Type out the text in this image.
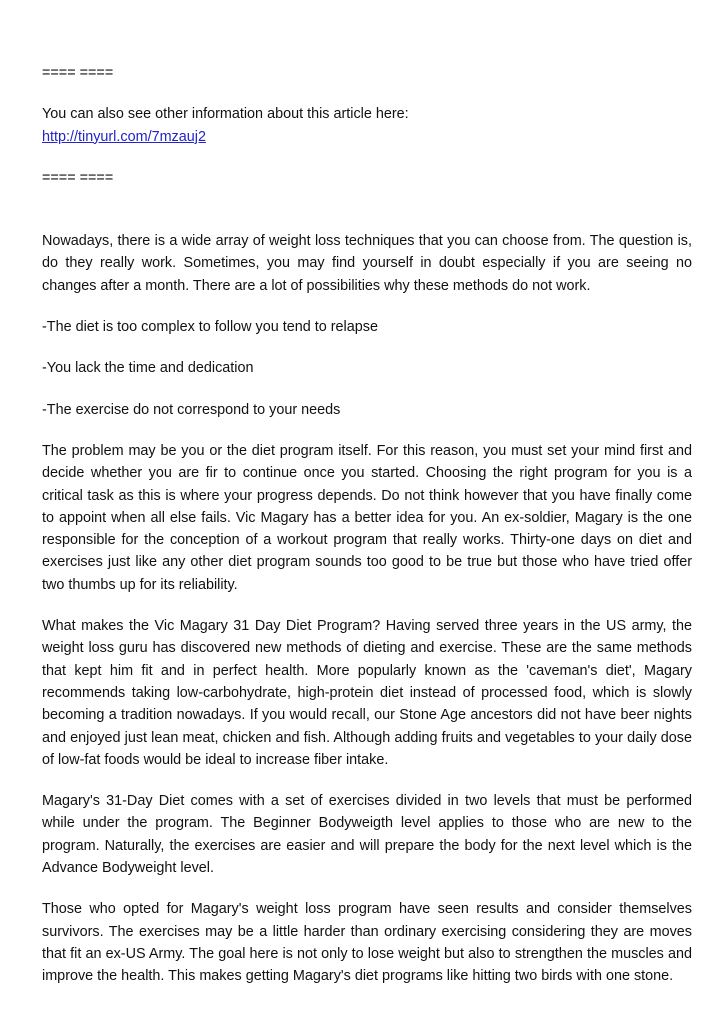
==== ====

You can also see other information about this article here:

http://tinyurl.com/7mzauj2

==== ====

Nowadays, there is a wide array of weight loss techniques that you can choose from. The question is, do they really work. Sometimes, you may find yourself in doubt especially if you are seeing no changes after a month. There are a lot of possibilities why these methods do not work.

-The diet is too complex to follow you tend to relapse

-You lack the time and dedication

-The exercise do not correspond to your needs

The problem may be you or the diet program itself. For this reason, you must set your mind first and decide whether you are fir to continue once you started. Choosing the right program for you is a critical task as this is where your progress depends. Do not think however that you have finally come to appoint when all else fails. Vic Magary has a better idea for you. An ex-soldier, Magary is the one responsible for the conception of a workout program that really works. Thirty-one days on diet and exercises just like any other diet program sounds too good to be true but those who have tried offer two thumbs up for its reliability.

What makes the Vic Magary 31 Day Diet Program? Having served three years in the US army, the weight loss guru has discovered new methods of dieting and exercise. These are the same methods that kept him fit and in perfect health. More popularly known as the 'caveman's diet', Magary recommends taking low-carbohydrate, high-protein diet instead of processed food, which is slowly becoming a tradition nowadays. If you would recall, our Stone Age ancestors did not have beer nights and enjoyed just lean meat, chicken and fish. Although adding fruits and vegetables to your daily dose of low-fat foods would be ideal to increase fiber intake.

Magary's 31-Day Diet comes with a set of exercises divided in two levels that must be performed while under the program. The Beginner Bodyweigth level applies to those who are new to the program. Naturally, the exercises are easier and will prepare the body for the next level which is the Advance Bodyweight level.

Those who opted for Magary's weight loss program have seen results and consider themselves survivors. The exercises may be a little harder than ordinary exercising considering they are moves that fit an ex-US Army. The goal here is not only to lose weight but also to strengthen the muscles and improve the health. This makes getting Magary's diet programs like hitting two birds with one stone.
